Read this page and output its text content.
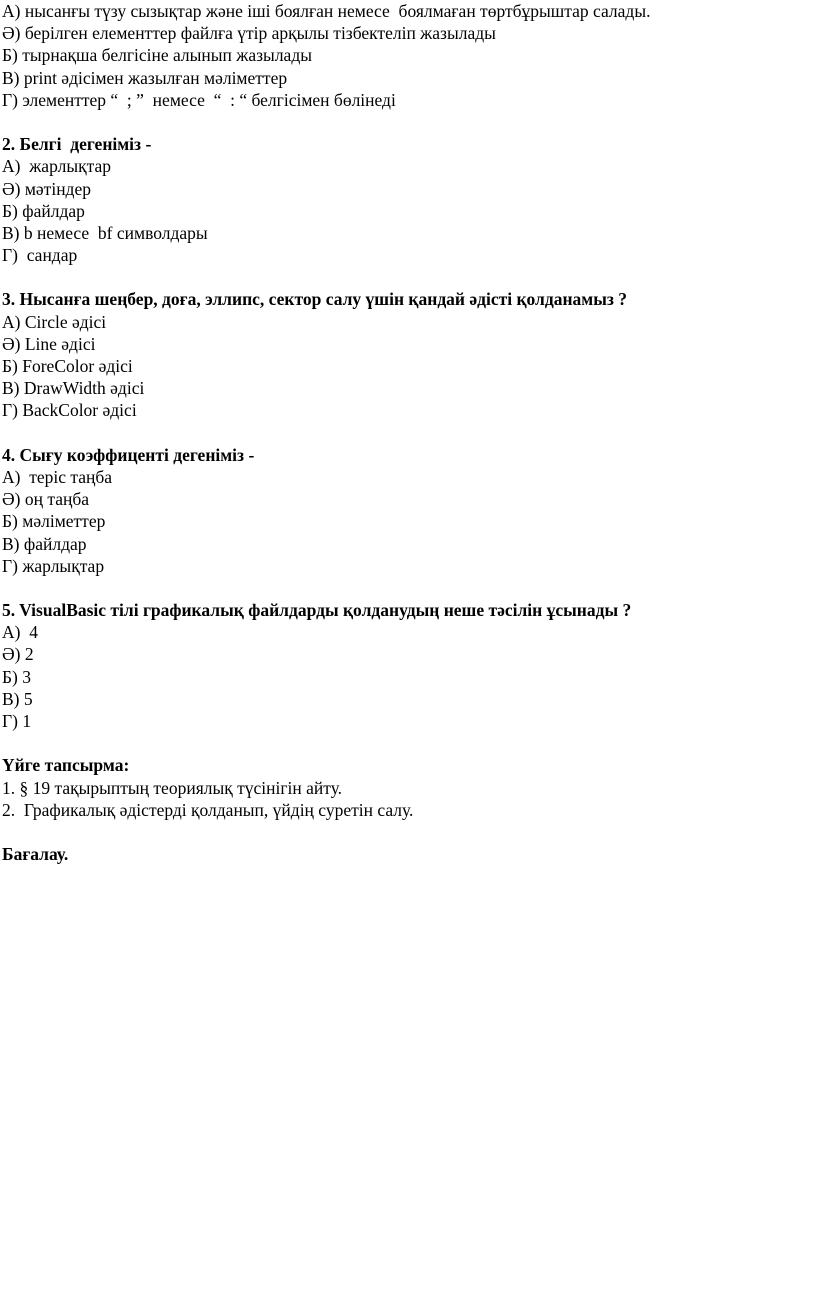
А) нысанғы түзу сызықтар және іші боялған немесе  боялмаған төртбұрыштар салады.
Ә) берілген елементтер файлға үтір арқылы тізбектеліп жазылады
Б) тырнақша белгісіне алынып жазылады
В) print әдісімен жазылған мәліметтер
Г) элементтер “  ; ”  немесе  “  : “ белгісімен бөлінеді
2. Белгі  дегеніміз -
А)  жарлықтар
Ә) мәтіндер
Б) файлдар
В) b немесе  bf символдары
Г)  сандар
3. Нысанға шеңбер, доға, эллипс, сектор салу үшін қандай әдісті қолданамыз ?
А) Circle әдісі
Ә) Line әдісі
Б) ForeColor әдісі
В) DrawWidth әдісі
Г) BackColor әдісі
4. Сығу коэффиценті дегеніміз -
А)  теріс таңба
Ә) оң таңба
Б) мәліметтер
В) файлдар
Г) жарлықтар
5. VisualBasic тілі графикалық файлдарды қолданудың неше тәсілін ұсынады ?
А)  4
Ә) 2
Б) 3
В) 5
Г) 1
Үйге тапсырма:
1. § 19 тақырыптың теориялық түсінігін айту.
2.  Графикалық әдістерді қолданып, үйдің суретін салу.
Бағалау.
